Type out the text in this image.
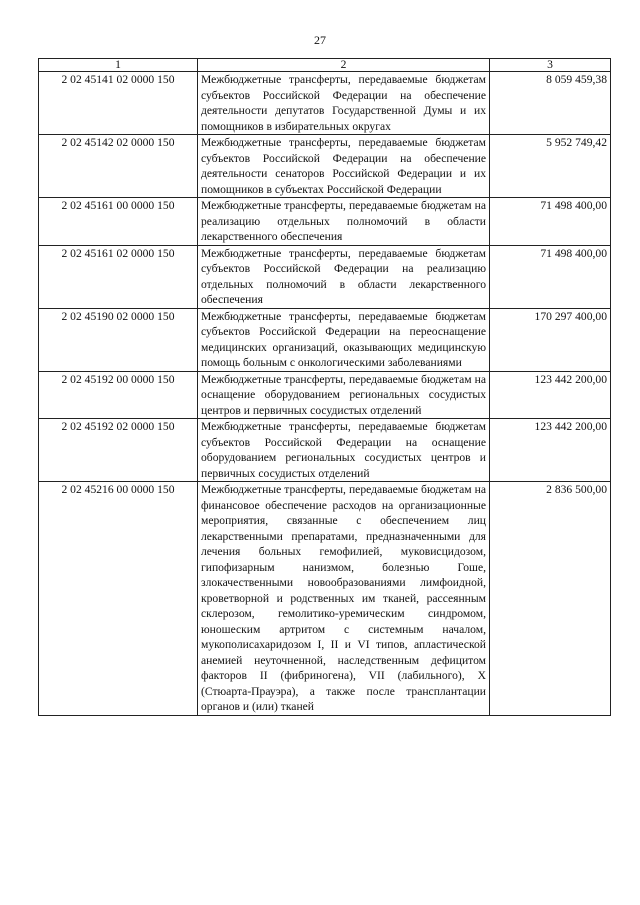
27
1	2	3
2 02 45141 02 0000 150	Межбюджетные трансферты, передаваемые бюджетам субъектов Российской Федерации на обеспечение деятельности депутатов Государственной Думы и их помощников в избирательных округах	8 059 459,38
2 02 45142 02 0000 150	Межбюджетные трансферты, передаваемые бюджетам субъектов Российской Федерации на обеспечение деятельности сенаторов Российской Федерации и их помощников в субъектах Российской Федерации	5 952 749,42
2 02 45161 00 0000 150	Межбюджетные трансферты, передаваемые бюджетам на реализацию отдельных полномочий в области лекарственного обеспечения	71 498 400,00
2 02 45161 02 0000 150	Межбюджетные трансферты, передаваемые бюджетам субъектов Российской Федерации на реализацию отдельных полномочий в области лекарственного обеспечения	71 498 400,00
2 02 45190 02 0000 150	Межбюджетные трансферты, передаваемые бюджетам субъектов Российской Федерации на переоснащение медицинских организаций, оказывающих медицинскую помощь больным с онкологическими заболеваниями	170 297 400,00
2 02 45192 00 0000 150	Межбюджетные трансферты, передаваемые бюджетам на оснащение оборудованием региональных сосудистых центров и первичных сосудистых отделений	123 442 200,00
2 02 45192 02 0000 150	Межбюджетные трансферты, передаваемые бюджетам субъектов Российской Федерации на оснащение оборудованием региональных сосудистых центров и первичных сосудистых отделений	123 442 200,00
2 02 45216 00 0000 150	Межбюджетные трансферты, передаваемые бюджетам на финансовое обеспечение расходов на организационные мероприятия, связанные с обеспечением лиц лекарственными препаратами, предназначенными для лечения больных гемофилией, муковисцидозом, гипофизарным нанизмом, болезнью Гоше, злокачественными новообразованиями лимфоидной, кроветворной и родственных им тканей, рассеянным склерозом, гемолитико-уремическим синдромом, юношеским артритом с системным началом, мукополисахаридозом I, II и VI типов, апластической анемией неуточненной, наследственным дефицитом факторов II (фибриногена), VII (лабильного), X (Стюарта-Прауэра), а также после трансплантации органов и (или) тканей	2 836 500,00
